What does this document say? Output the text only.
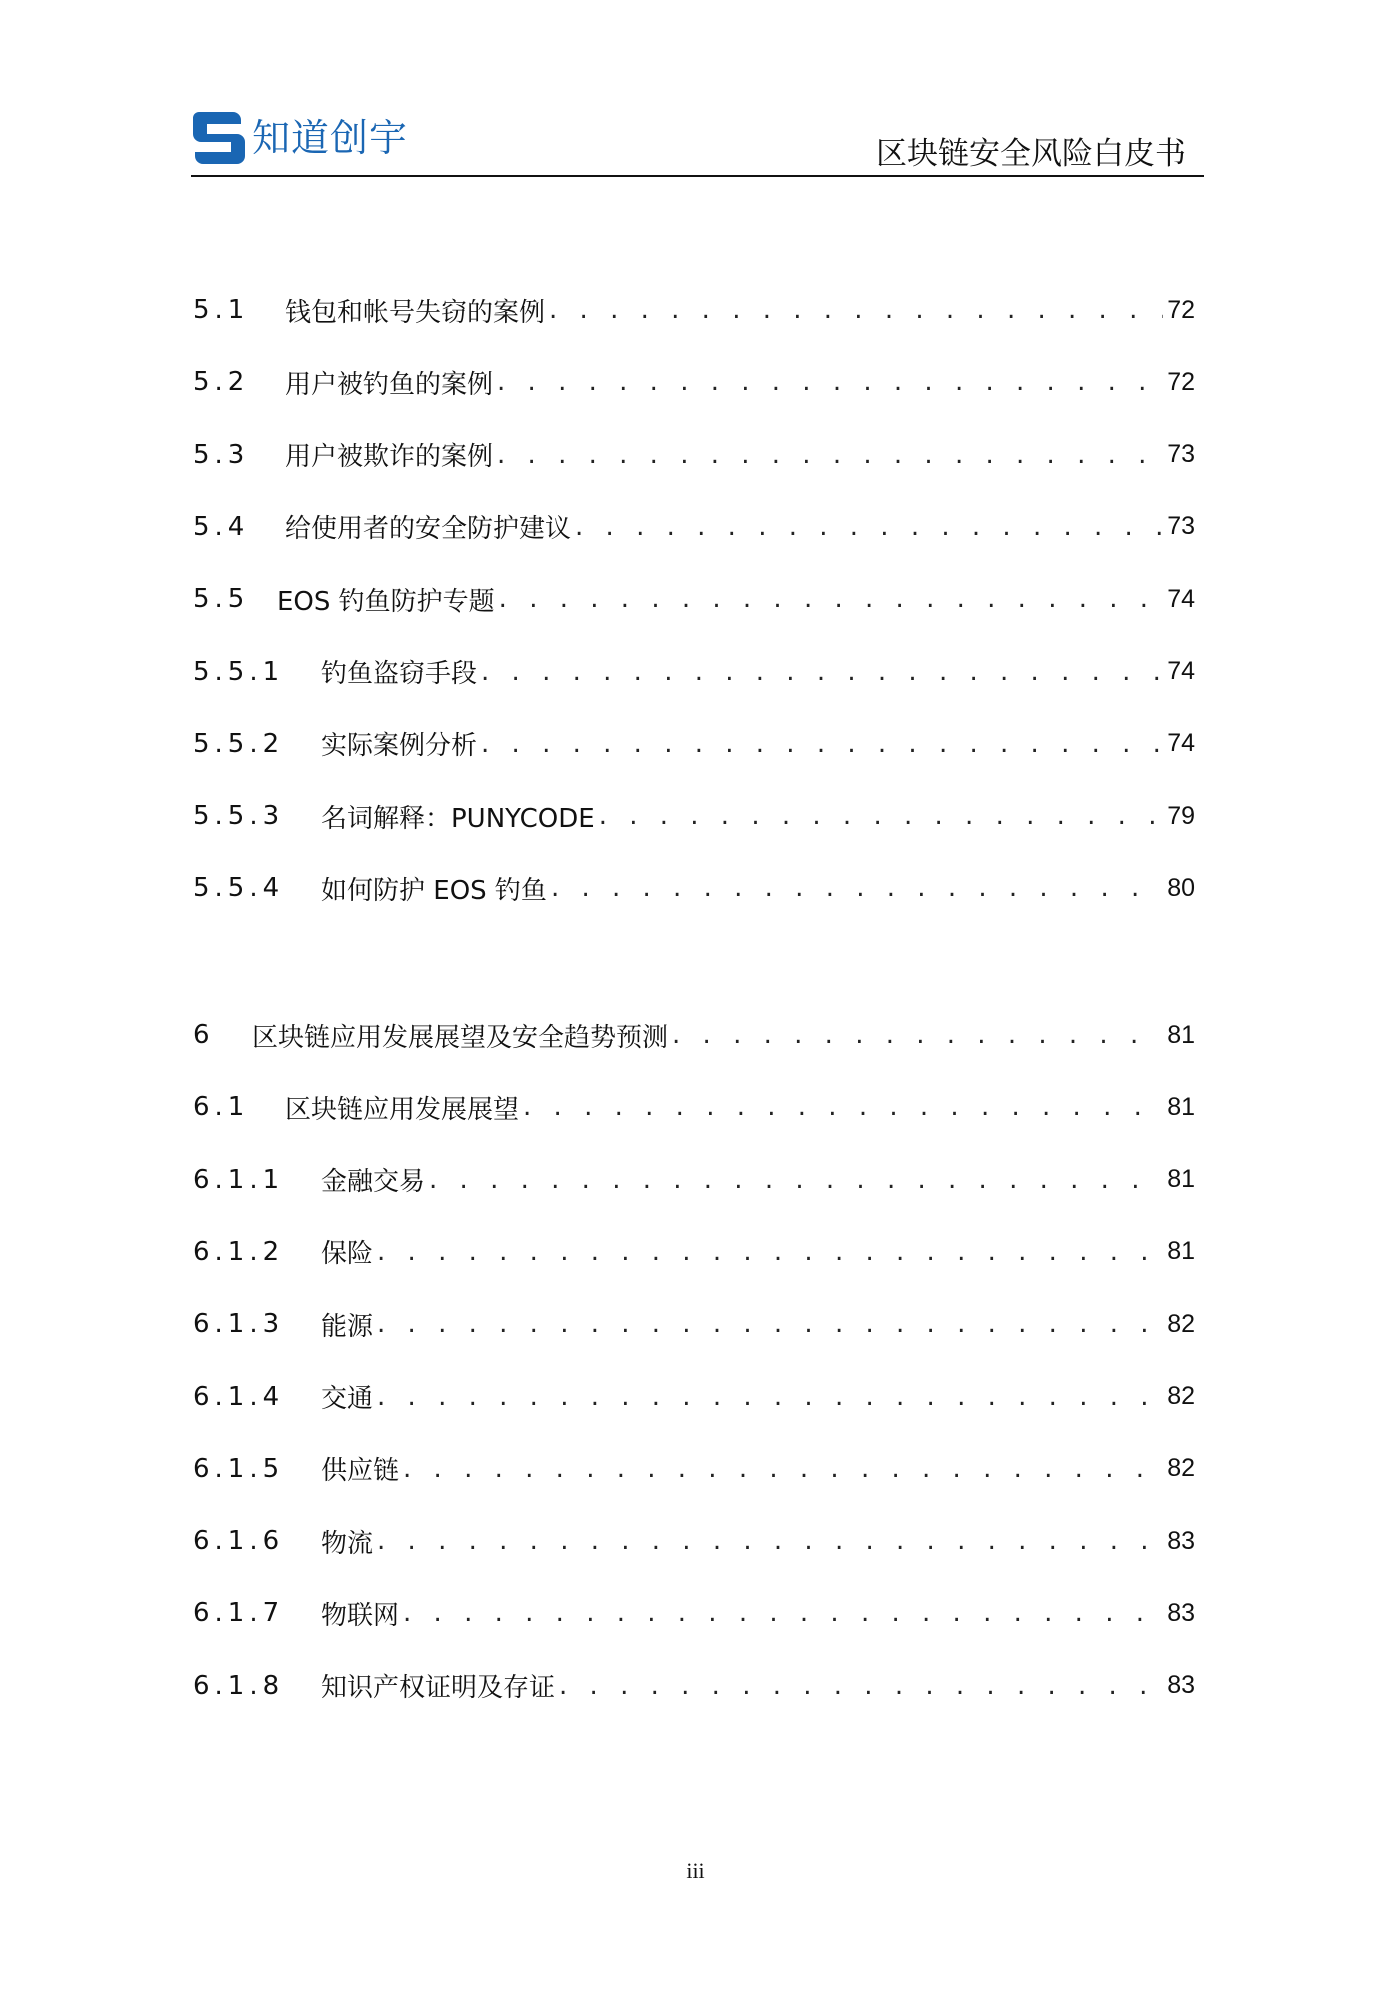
知道创宇	区块链安全风险白皮书
5.1	钱包和帐号失窃的案例 . . .	72
5.2	用户被钓鱼的案例 . . .	72
5.3	用户被欺诈的案例 . . .	73
5.4	给使用者的安全防护建议 . . .	73
5.5	EOS 钓鱼防护专题 . . .	74
5.5.1	钓鱼盗窃手段 . . .	74
5.5.2	实际案例分析 . . .	74
5.5.3	名词解释：PUNYCODE . . .	79
5.5.4	如何防护 EOS 钓鱼 . . .	80
6	区块链应用发展展望及安全趋势预测 . . .	81
6.1	区块链应用发展展望 . . .	81
6.1.1	金融交易 . . .	81
6.1.2	保险 . . .	81
6.1.3	能源 . . .	82
6.1.4	交通 . . .	82
6.1.5	供应链 . . .	82
6.1.6	物流 . . .	83
6.1.7	物联网 . . .	83
6.1.8	知识产权证明及存证 . . .	83
iii
